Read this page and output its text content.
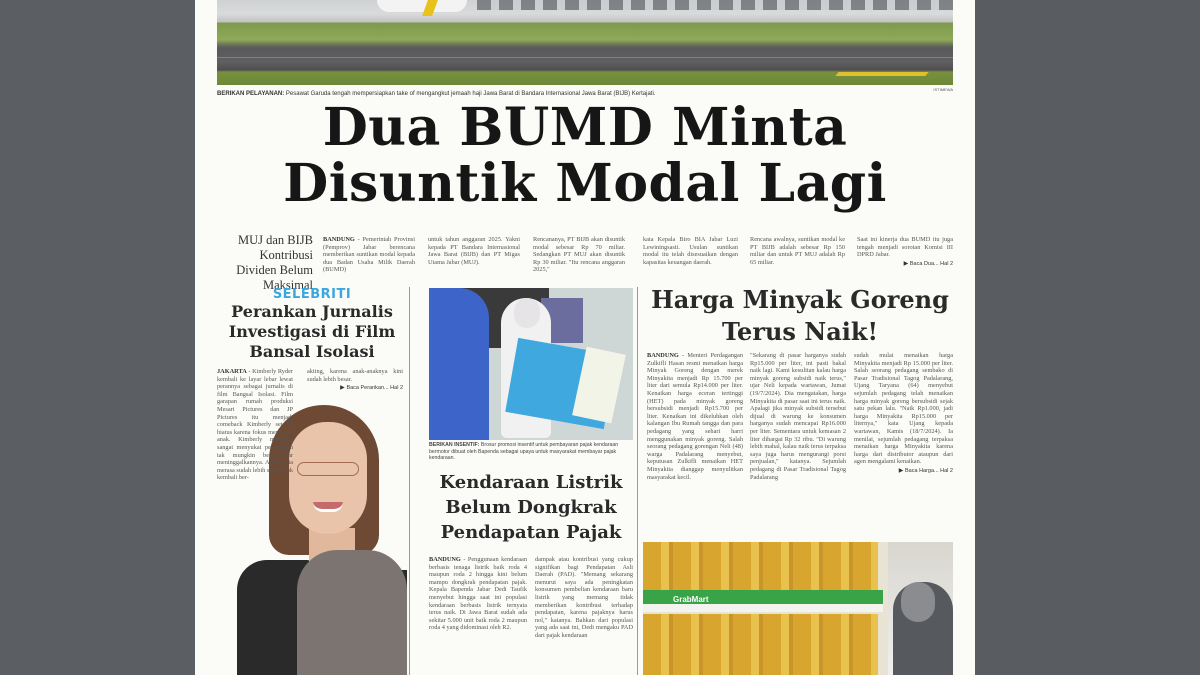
ISTIMEWA
BERIKAN PELAYANAN: Pesawat Garuda tengah mempersiapkan take of mengangkut jemaah haji Jawa Barat di Bandara Internasional Jawa Barat (BIJB) Kertajati.
Dua BUMD Minta
Disuntik Modal Lagi
MUJ dan BIJB Kontribusi Dividen Belum Maksimal
BANDUNG - Pemerintah Provinsi (Pemprov) Jabar berencana memberikan suntikan modal kepada dua Badan Usaha Milik Daerah (BUMD)
untuk tahun anggaran 2025. Yakni kepada PT Bandara Internasional Jawa Barat (BIJB) dan PT Migas Utama Jabar (MUJ).
Rencananya, PT BIJB akan disuntik modal sebesar Rp 70 miliar. Sedangkan PT MUJ akan disuntik Rp 30 miliar. "Itu rencana anggaran 2025,"
kata Kepala Biro BIA Jabar Luzi Lewiningsasti. Usulan suntikan modal itu telah disesuaikan dengan kapasitas keuangan daerah.
Rencana awalnya, suntikan modal ke PT BIJB adalah sebesar Rp 150 miliar dan untuk PT MUJ adalah Rp 65 miliar.
Saat ini kinerja dua BUMD itu juga tengah menjadi sorotan Komisi III DPRD Jabar.
▶ Baca Dua... Hal 2
SELEBRITI
Perankan Jurnalis Investigasi di Film Bansal Isolasi
JAKARTA - Kimberly Ryder kembali ke layar lebar lewat perannya sebagai jurnalis di film Bangsal Isolasi. Film garapan rumah produksi Mesari Pictures dan JP Pictures itu menjadi comeback Kimberly setelah hiatus karena fokus mengurus anak. Kimberly mengaku sangat menyukai peran, dan tak mungkin benar-benar meninggalkannya. Apalagi, ia merasa sudah lebih siap untuk kembali ber-
akting, karena anak-anaknya kini sudah lebih besar.
▶ Baca Perankan... Hal 2
BERIKAN INSENTIF: Brosur promosi insentif untuk pembayaran pajak kendaraan bermotor dibuat oleh Bapenda sebagai upaya untuk masyarakat membayar pajak kendaraan.
Kendaraan Listrik Belum Dongkrak Pendapatan Pajak
BANDUNG - Penggunaan kendaraan berbasis tenaga listrik baik roda 4 maupun roda 2 hingga kini belum mampu dongkrak pendapatan pajak. Kepala Bapenda Jabar Dedi Taufik menyebut hingga saat ini populasi kendaraan berbasis listrik ternyata terus naik. Di Jawa Barat sudah ada sekitar 5.000 unit baik roda 2 maupun roda 4 yang didominasi oleh R2.
dampak atau kontribusi yang cukup signifikan bagi Pendapatan Asli Daerah (PAD). "Memang sekarang menurut saya ada peningkatan konsumen pembelian kendaraan baru listrik yang memang tidak memberikan kontribusi terhadap pendapatan, karena pajaknya harus nol," katanya. Bahkan dari populasi yang ada saat ini, Dedi mengaku PAD dari pajak kendaraan
Harga Minyak Goreng Terus Naik!
BANDUNG - Menteri Perdagangan Zulkifli Hasan resmi menaikan harga Minyak Goreng dengan merek Minyakita menjadi Rp 15.700 per liter dari semula Rp14.000 per liter. Kenaikan harga eceran tertinggi (HET) pada minyak goreng bersubsidi menjadi Rp15.700 per liter. Kenaikan ini dikeluhkan oleh kalangan Ibu Rumah tangga dan para pedagang yang sehari harri menggunakan minyak goreng. Salah seorang pedagang gorengan Neli (48) warga Padalarang menyebut, keputusan Zulkifli menaikan HET Minyakita dianggap menyulitkan masyarakat kecil.
"Sekarang di pasar harganya sudah Rp15.000 per liter, ini pasti bakal naik lagi. Kami kesulitan kalau harga minyak goreng subsidi naik terus," ujar Neli kepada wartawan, Jumat (19/7/2024). Dia mengatakan, harga Minyakita di pasar saat ini terus naik. Apalagi jika minyak subsidi tersebut dijual di warung ke konsumen harganya sudah mencapai Rp16.000 per liter. Sementara untuk kemasan 2 liter dihargai Rp 32 ribu. "Di warung lebih mahal, kalau naik terus terpaksa saya juga harus mengurangi porsi penjualan," katanya. Sejumlah pedagang di Pasar Tradisional Tagog Padalarang
sudah mulai menaikan harga Minyakita menjadi Rp 15.000 per liter. Salah seorang pedagang sembako di Pasar Tradisional Tagog Padalarang, Ujang Taryana (64) menyebut sejumlah pedagang telah menaikan harga minyak goreng bersubsidi sejak satu pekan lalu. "Naik Rp1.000, jadi harga Minyakita Rp15.000 per liternya," kata Ujang kepada wartawan, Kamis (18/7/2024). Ia menilai, sejumlah pedagang terpaksa menaikan harga Minyakita karena harga dari distributor ataupun dari agen mengalami kenaikan.
▶ Baca Harga... Hal 2
GrabMart
